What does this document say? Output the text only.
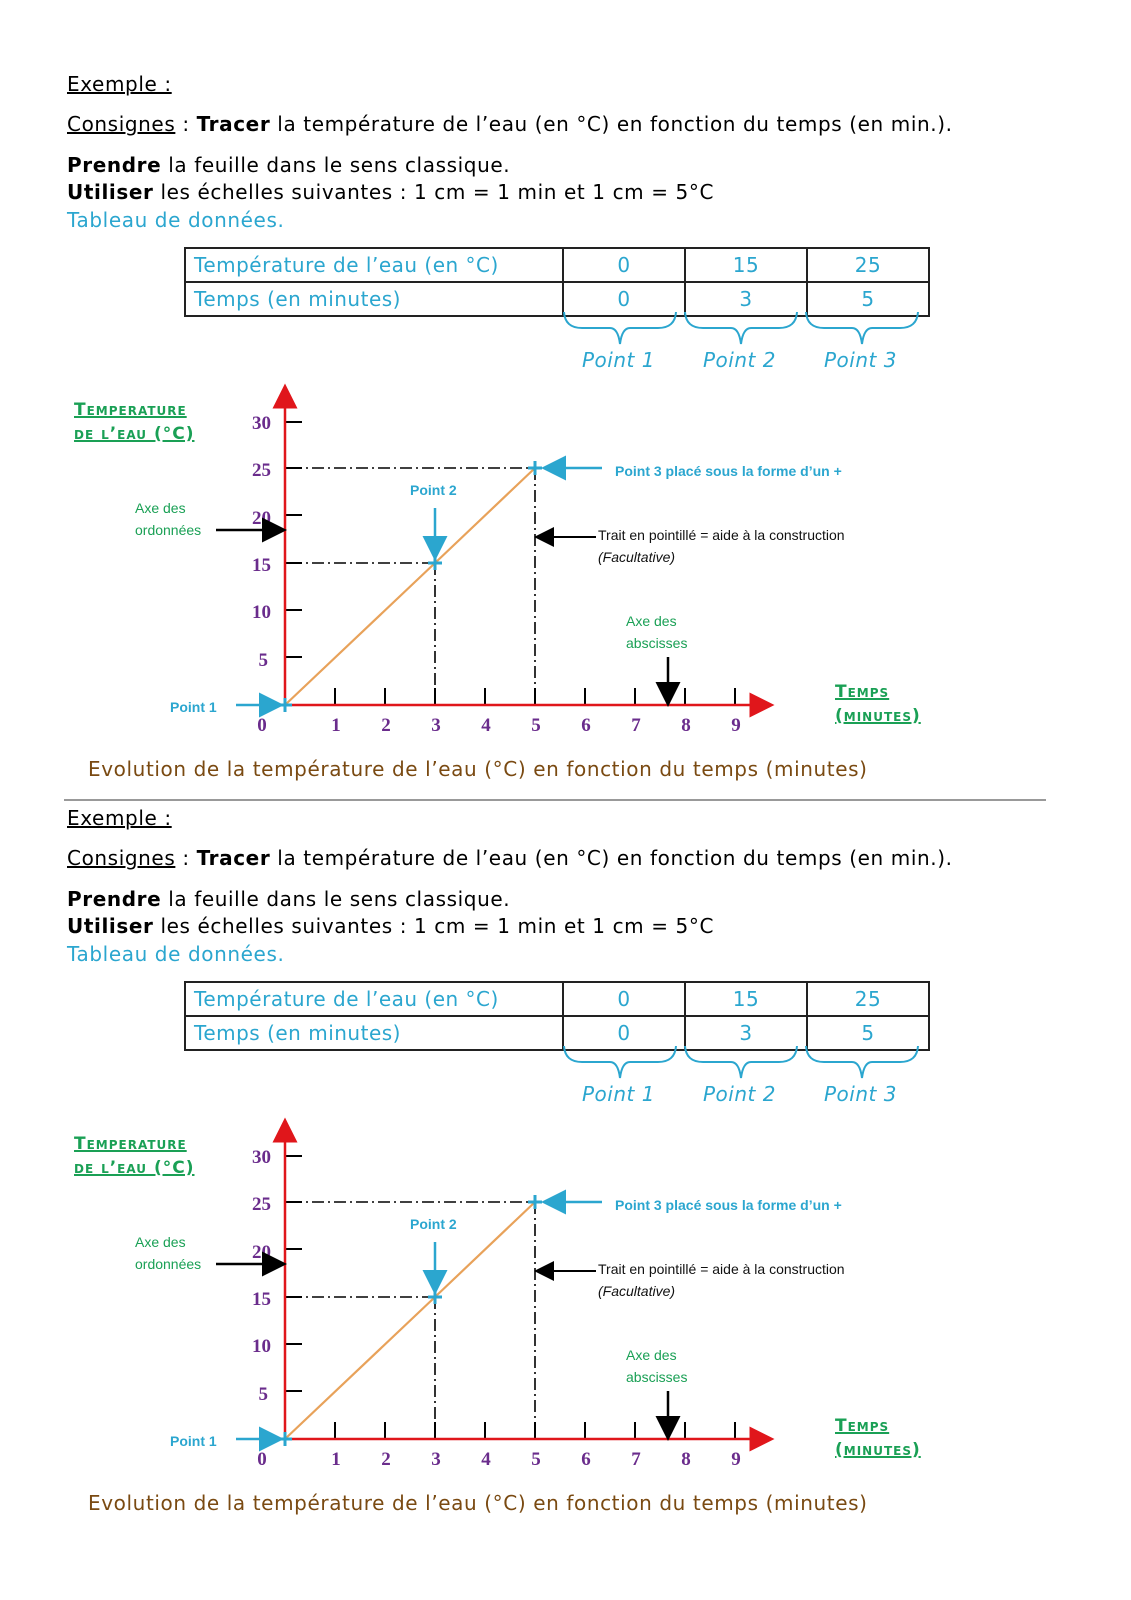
Exemple :
Consignes : Tracer la température de l’eau (en °C) en fonction du temps (en min.).
Prendre la feuille dans le sens classique.
Utiliser les échelles suivantes : 1 cm = 1 min et 1 cm = 5°C
Tableau de données.
Température de l’eau (en °C)	0	15	25
Temps (en minutes)	0	3	5
Point 1 Point 2 Point 3
Temperature
de l’eau (°C)
Temps
(minutes)
30
25
20
15
10
5
0	1 2 3 4 5 6 7 8 9
Point 1
Point 2
Point 3 placé sous la forme d’un +
Axe des
ordonnées
Axe des
abscisses
Trait en pointillé = aide à la construction
(Facultative)
Evolution de la température de l’eau (°C) en fonction du temps (minutes)
Exemple :
Consignes : Tracer la température de l’eau (en °C) en fonction du temps (en min.).
Prendre la feuille dans le sens classique.
Utiliser les échelles suivantes : 1 cm = 1 min et 1 cm = 5°C
Tableau de données.
Température de l’eau (en °C)	0	15	25
Temps (en minutes)	0	3	5
Point 1 Point 2 Point 3
Temperature
de l’eau (°C)
Temps
(minutes)
30
25
20
15
10
5
0	1 2 3 4 5 6 7 8 9
Point 1
Point 2
Point 3 placé sous la forme d’un +
Axe des
ordonnées
Axe des
abscisses
Trait en pointillé = aide à la construction
(Facultative)
Evolution de la température de l’eau (°C) en fonction du temps (minutes)
